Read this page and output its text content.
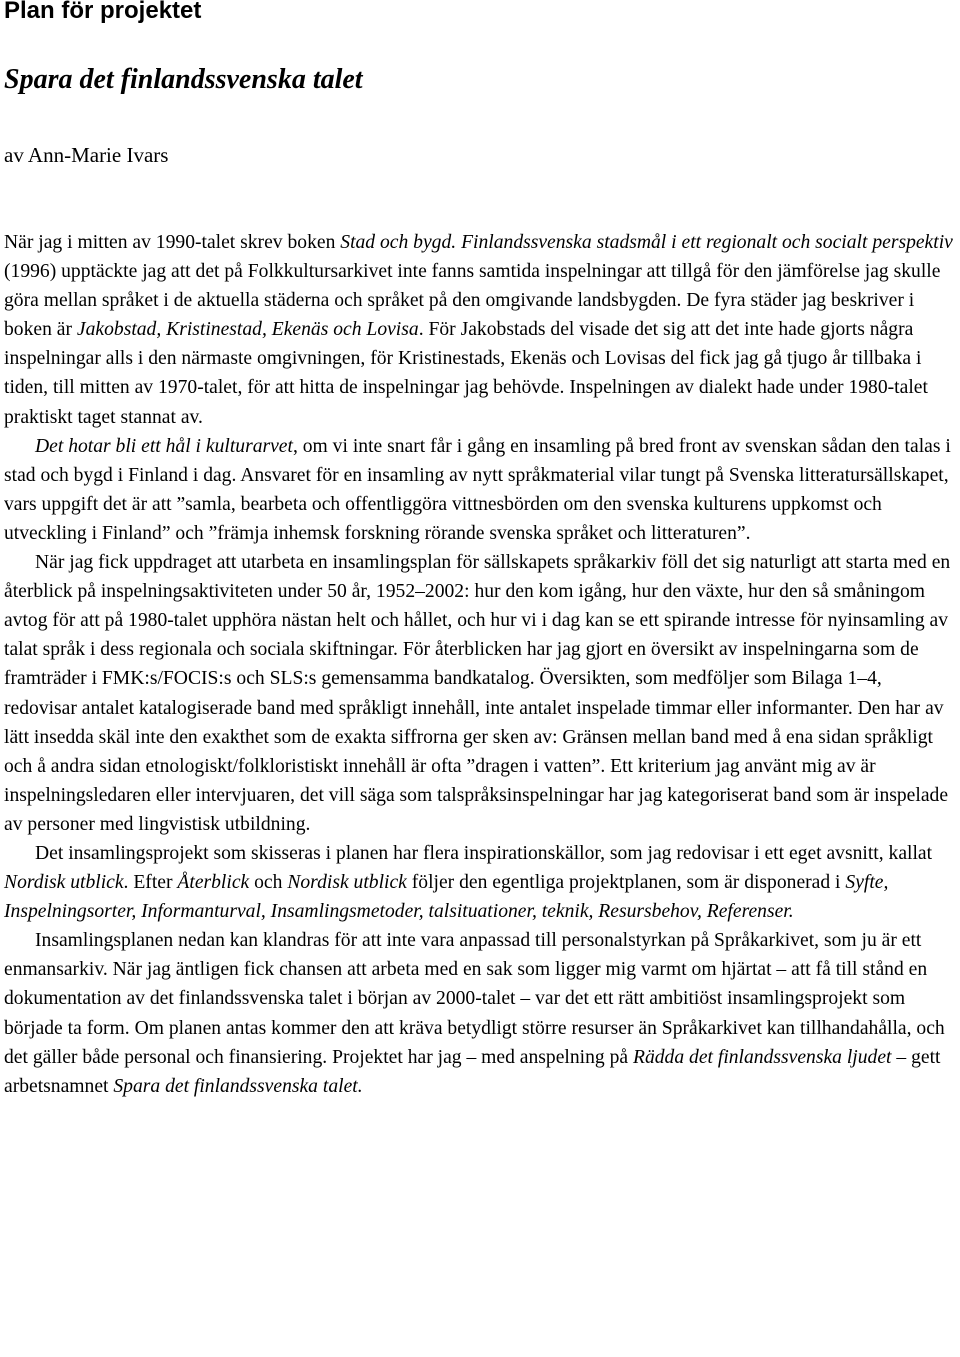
Plan för projektet
Spara det finlandssvenska talet

av Ann-Marie Ivars

När jag i mitten av 1990-talet skrev boken Stad och bygd. Finlandssvenska stadsmål i ett regionalt och socialt perspektiv (1996) upptäckte jag att det på Folkkultursarkivet inte fanns samtida inspelningar att tillgå för den jämförelse jag skulle göra mellan språket i de aktuella städerna och språket på den omgivande landsbygden. De fyra städer jag beskriver i boken är Jakobstad, Kristinestad, Ekenäs och Lovisa. För Jakobstads del visade det sig att det inte hade gjorts några inspelningar alls i den närmaste omgivningen, för Kristinestads, Ekenäs och Lovisas del fick jag gå tjugo år tillbaka i tiden, till mitten av 1970-talet, för att hitta de inspelningar jag behövde. Inspelningen av dialekt hade under 1980-talet praktiskt taget stannat av.

Det hotar bli ett hål i kulturarvet, om vi inte snart får i gång en insamling på bred front av svenskan sådan den talas i stad och bygd i Finland i dag. Ansvaret för en insamling av nytt språkmaterial vilar tungt på Svenska litteratursällskapet, vars uppgift det är att ”samla, bearbeta och offentliggöra vittnesbörden om den svenska kulturens uppkomst och utveckling i Finland” och ”främja inhemsk forskning rörande svenska språket och litteraturen”.

När jag fick uppdraget att utarbeta en insamlingsplan för sällskapets språkarkiv föll det sig naturligt att starta med en återblick på inspelningsaktiviteten under 50 år, 1952–2002: hur den kom igång, hur den växte, hur den så småningom avtog för att på 1980-talet upphöra nästan helt och hållet, och hur vi i dag kan se ett spirande intresse för nyinsamling av talat språk i dess regionala och sociala skiftningar. För återblicken har jag gjort en översikt av inspelningarna som de framträder i FMK:s/FOCIS:s och SLS:s gemensamma bandkatalog. Översikten, som medföljer som Bilaga 1–4, redovisar antalet katalogiserade band med språkligt innehåll, inte antalet inspelade timmar eller informanter. Den har av lätt insedda skäl inte den exakthet som de exakta siffrorna ger sken av: Gränsen mellan band med å ena sidan språkligt och å andra sidan etnologiskt/folkloristiskt innehåll är ofta ”dragen i vatten”. Ett kriterium jag använt mig av är inspelningsledaren eller intervjuaren, det vill säga som talspråksinspelningar har jag kategoriserat band som är inspelade av personer med lingvistisk utbildning.

Det insamlingsprojekt som skisseras i planen har flera inspirationskällor, som jag redovisar i ett eget avsnitt, kallat Nordisk utblick. Efter Återblick och Nordisk utblick följer den egentliga projektplanen, som är disponerad i Syfte, Inspelningsorter, Informanturval, Insamlingsmetoder, talsituationer, teknik, Resursbehov, Referenser.

Insamlingsplanen nedan kan klandras för att inte vara anpassad till personalstyrkan på Språkarkivet, som ju är ett enmansarkiv. När jag äntligen fick chansen att arbeta med en sak som ligger mig varmt om hjärtat – att få till stånd en dokumentation av det finlandssvenska talet i början av 2000-talet – var det ett rätt ambitiöst insamlingsprojekt som började ta form. Om planen antas kommer den att kräva betydligt större resurser än Språkarkivet kan tillhandahålla, och det gäller både personal och finansiering. Projektet har jag – med anspelning på Rädda det finlandssvenska ljudet – gett arbetsnamnet Spara det finlandssvenska talet.
